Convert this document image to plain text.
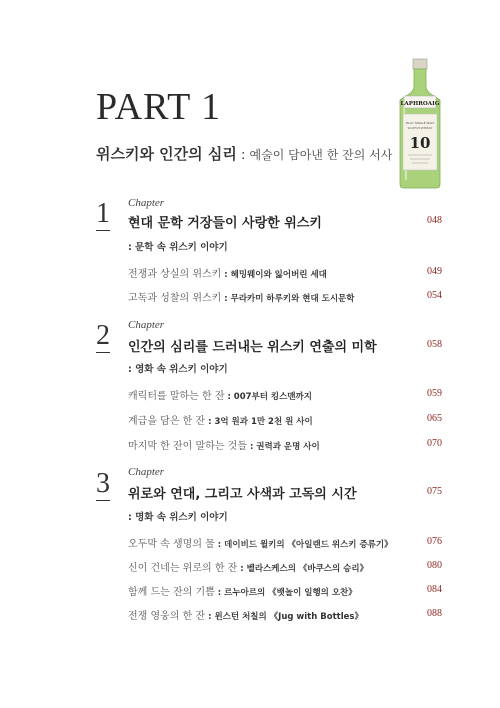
PART 1
위스키와 인간의 심리 : 예술이 담아낸 한 잔의 서사
LAPHROAIG
ISLAY SINGLE MALT
SCOTCH WHISKY
10
1 Chapter
현대 문학 거장들이 사랑한 위스키	048
: 문학 속 위스키 이야기
전쟁과 상실의 위스키 : 헤밍웨이와 잃어버린 세대	049
고독과 성찰의 위스키 : 무라카미 하루키와 현대 도시문학	054
2 Chapter
인간의 심리를 드러내는 위스키 연출의 미학	058
: 영화 속 위스키 이야기
캐릭터를 말하는 한 잔 : 007부터 킹스맨까지	059
계급을 담은 한 잔 : 3억 원과 1만 2천 원 사이	065
마지막 한 잔이 말하는 것들 : 권력과 운명 사이	070
3 Chapter
위로와 연대, 그리고 사색과 고독의 시간	075
: 명화 속 위스키 이야기
오두막 속 생명의 물 : 데이비드 윌키의 《아일랜드 위스키 증류기》	076
신이 건네는 위로의 한 잔 : 벨라스케스의 《바쿠스의 승리》	080
함께 드는 잔의 기쁨 : 르누아르의 《뱃놀이 일행의 오찬》	084
전쟁 영웅의 한 잔 : 윈스턴 처칠의 《Jug with Bottles》	088
